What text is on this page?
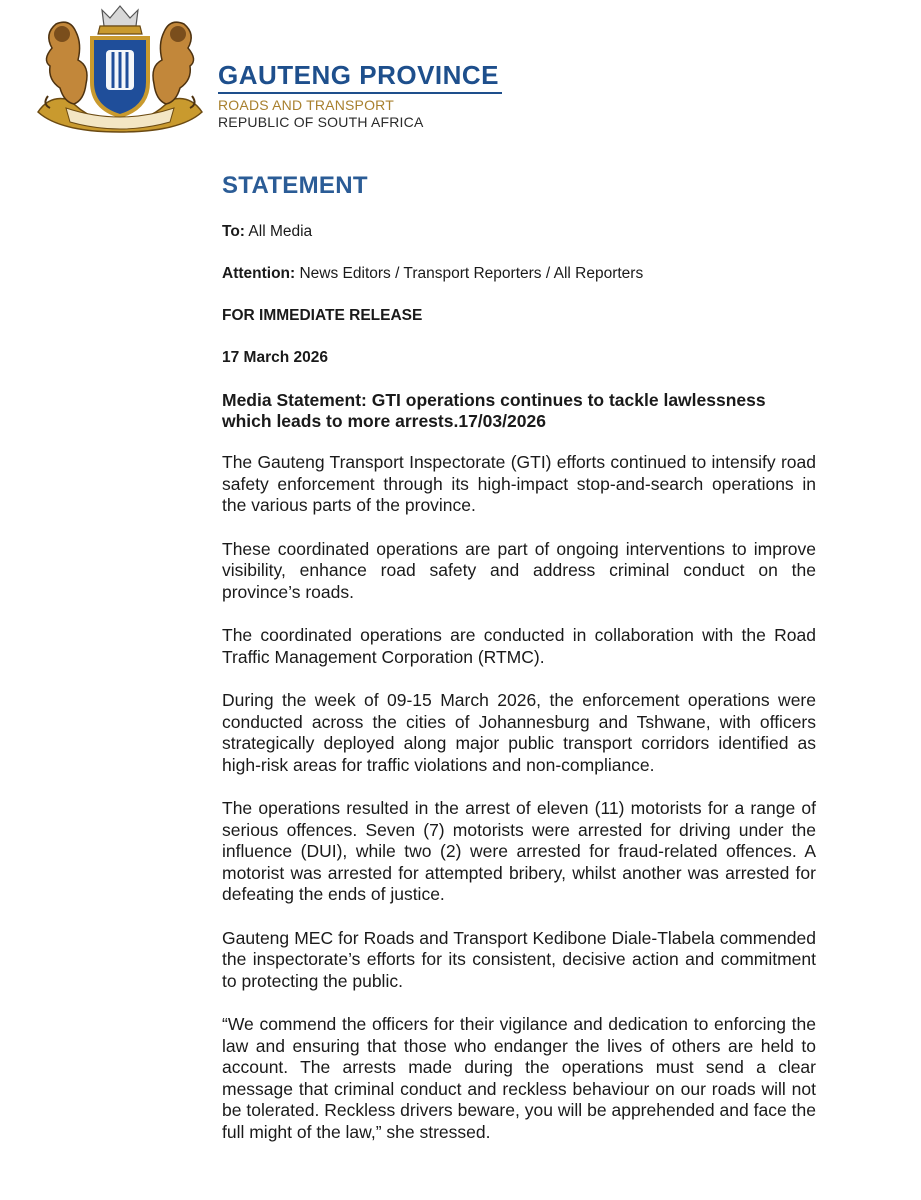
GAUTENG PROVINCE

ROADS AND TRANSPORT

REPUBLIC OF SOUTH AFRICA

STATEMENT

To: All Media

Attention: News Editors / Transport Reporters / All Reporters

FOR IMMEDIATE RELEASE

17 March 2026

Media Statement: GTI operations continues to tackle lawlessness which leads to more arrests.17/03/2026

The Gauteng Transport Inspectorate (GTI) efforts continued to intensify road safety enforcement through its high-impact stop-and-search operations in the various parts of the province.

These coordinated operations are part of ongoing interventions to improve visibility, enhance road safety and address criminal conduct on the province’s roads.

The coordinated operations are conducted in collaboration with the Road Traffic Management Corporation (RTMC).

During the week of 09-15 March 2026, the enforcement operations were conducted across the cities of Johannesburg and Tshwane, with officers strategically deployed along major public transport corridors identified as high-risk areas for traffic violations and non-compliance.

The operations resulted in the arrest of eleven (11) motorists for a range of serious offences. Seven (7) motorists were arrested for driving under the influence (DUI), while two (2) were arrested for fraud-related offences. A motorist was arrested for attempted bribery, whilst another was arrested for defeating the ends of justice.

Gauteng MEC for Roads and Transport Kedibone Diale-Tlabela commended the inspectorate’s efforts for its consistent, decisive action and commitment to protecting the public.

“We commend the officers for their vigilance and dedication to enforcing the law and ensuring that those who endanger the lives of others are held to account. The arrests made during the operations must send a clear message that criminal conduct and reckless behaviour on our roads will not be tolerated. Reckless drivers beware, you will be apprehended and face the full might of the law,” she stressed.
